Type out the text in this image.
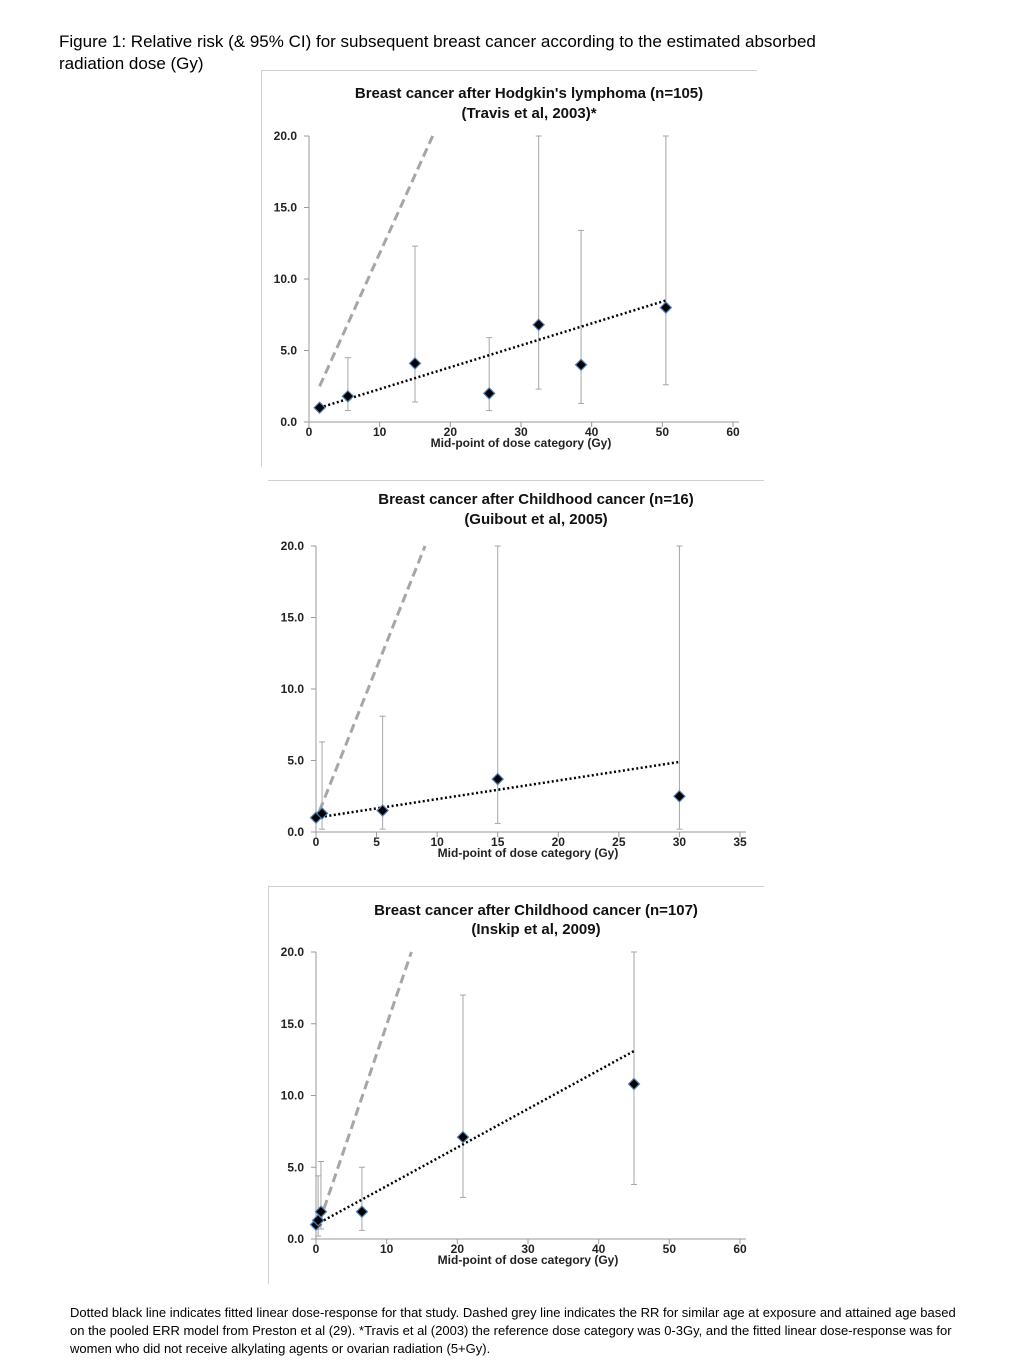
Figure 1: Relative risk (& 95% CI) for subsequent breast cancer according to the estimated absorbed radiation dose (Gy)
Breast cancer after Hodgkin's lymphoma (n=105)
(Travis et al, 2003)*
0.0
5.0
10.0
15.0
20.0
0	10	20	30	40	50	60
Mid-point of dose category (Gy)
Breast cancer after Childhood cancer (n=16)
(Guibout et al, 2005)
0.0
5.0
10.0
15.0
20.0
0	5	10	15	20	25	30	35
Mid-point of dose category (Gy)
Breast cancer after Childhood cancer (n=107)
(Inskip et al, 2009)
0.0
5.0
10.0
15.0
20.0
0	10	20	30	40	50	60
Mid-point of dose category (Gy)
Dotted black line indicates fitted linear dose-response for that study. Dashed grey line indicates the RR for similar age at exposure and attained age based on the pooled ERR model from Preston et al (29). *Travis et al (2003) the reference dose category was 0-3Gy, and the fitted linear dose-response was for women who did not receive alkylating agents or ovarian radiation (5+Gy).
